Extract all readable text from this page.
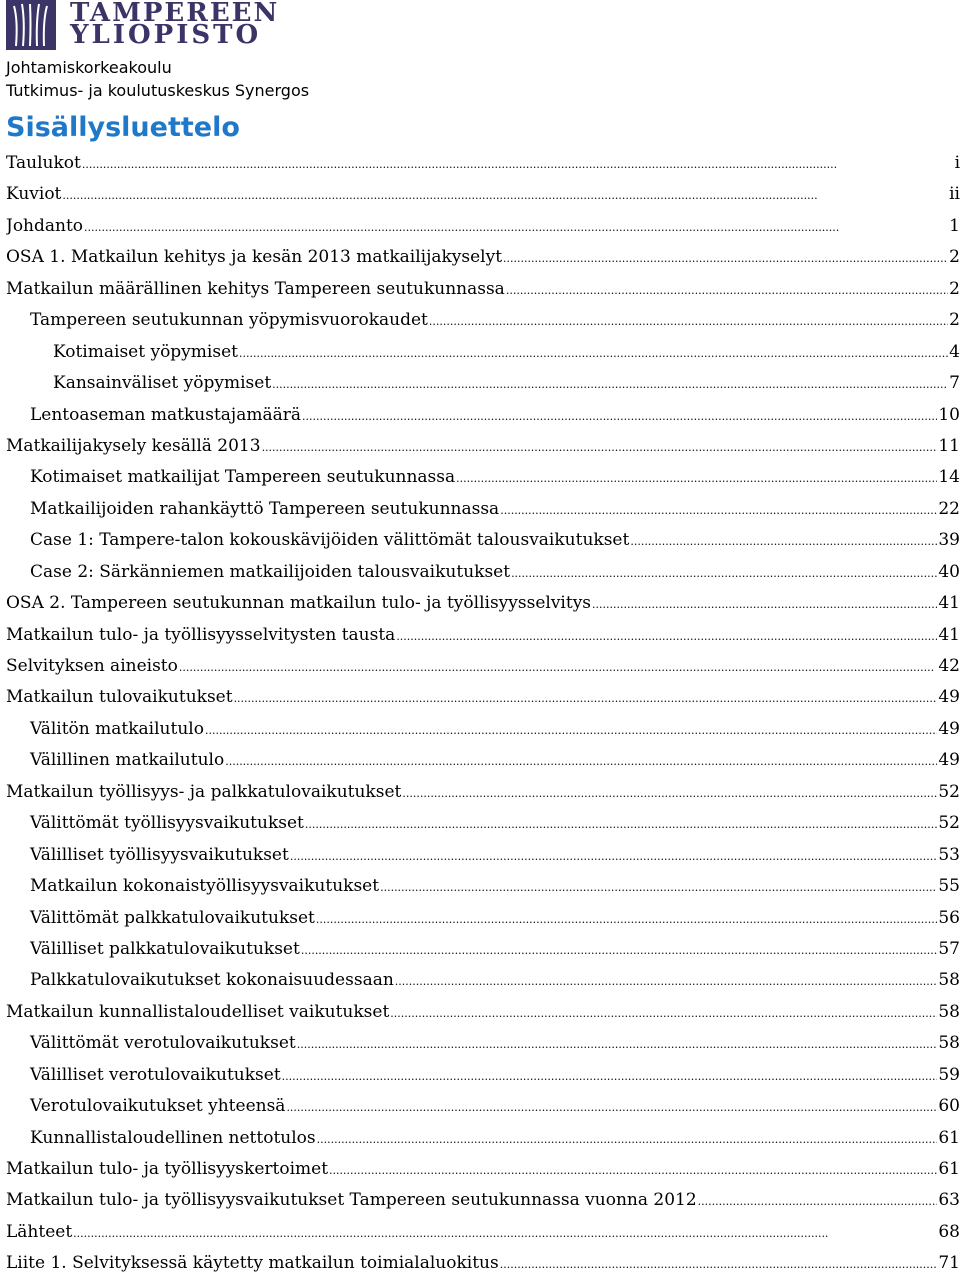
TAMPEREEN
YLIOPISTO
Johtamiskorkeakoulu
Tutkimus- ja koulutuskeskus Synergos
Sisällysluettelo
Taulukot .....	i
Kuviot .....	ii
Johdanto .....	1
OSA 1. Matkailun kehitys ja kesän 2013 matkailijakyselyt .....	2
Matkailun määrällinen kehitys Tampereen seutukunnassa .....	2
Tampereen seutukunnan yöpymisvuorokaudet .....	2
Kotimaiset yöpymiset .....	4
Kansainväliset yöpymiset .....	7
Lentoaseman matkustajamäärä .....	10
Matkailijakysely kesällä 2013 .....	11
Kotimaiset matkailijat Tampereen seutukunnassa .....	14
Matkailijoiden rahankäyttö Tampereen seutukunnassa .....	22
Case 1: Tampere-talon kokouskävijöiden välittömät talousvaikutukset .....	39
Case 2: Särkänniemen matkailijoiden talousvaikutukset .....	40
OSA 2. Tampereen seutukunnan matkailun tulo- ja työllisyysselvitys .....	41
Matkailun tulo- ja työllisyysselvitysten tausta .....	41
Selvityksen aineisto .....	42
Matkailun tulovaikutukset .....	49
Välitön matkailutulo .....	49
Välillinen matkailutulo .....	49
Matkailun työllisyys- ja palkkatulovaikutukset .....	52
Välittömät työllisyysvaikutukset .....	52
Välilliset työllisyysvaikutukset .....	53
Matkailun kokonaistyöllisyysvaikutukset .....	55
Välittömät palkkatulovaikutukset .....	56
Välilliset palkkatulovaikutukset .....	57
Palkkatulovaikutukset kokonaisuudessaan .....	58
Matkailun kunnallistaloudelliset vaikutukset .....	58
Välittömät verotulovaikutukset .....	58
Välilliset verotulovaikutukset .....	59
Verotulovaikutukset yhteensä .....	60
Kunnallistaloudellinen nettotulos .....	61
Matkailun tulo- ja työllisyyskertoimet .....	61
Matkailun tulo- ja työllisyysvaikutukset Tampereen seutukunnassa vuonna 2012 .....	63
Lähteet .....	68
Liite 1. Selvityksessä käytetty matkailun toimialaluokitus .....	71
